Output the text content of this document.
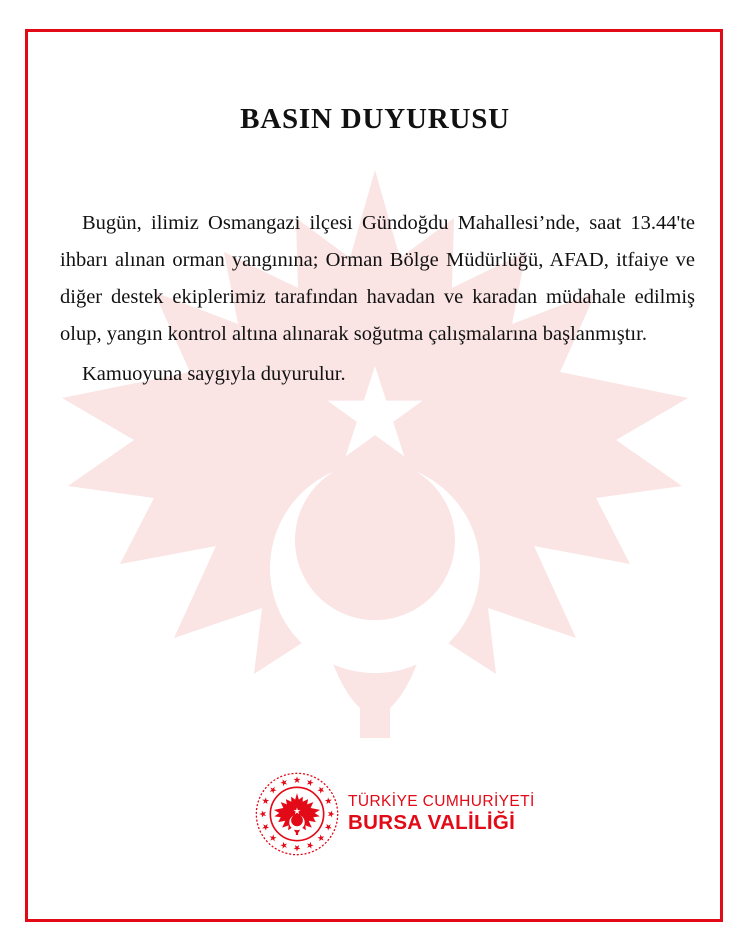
BASIN DUYURUSU

Bugün, ilimiz Osmangazi ilçesi Gündoğdu Mahallesi’nde, saat 13.44'te ihbarı alınan orman yangınına; Orman Bölge Müdürlüğü, AFAD, itfaiye ve diğer destek ekiplerimiz tarafından havadan ve karadan müdahale edilmiş olup, yangın kontrol altına alınarak soğutma çalışmalarına başlanmıştır.

Kamuoyuna saygıyla duyurulur.

TÜRKİYE CUMHURİYETİ
BURSA VALİLİĞİ
